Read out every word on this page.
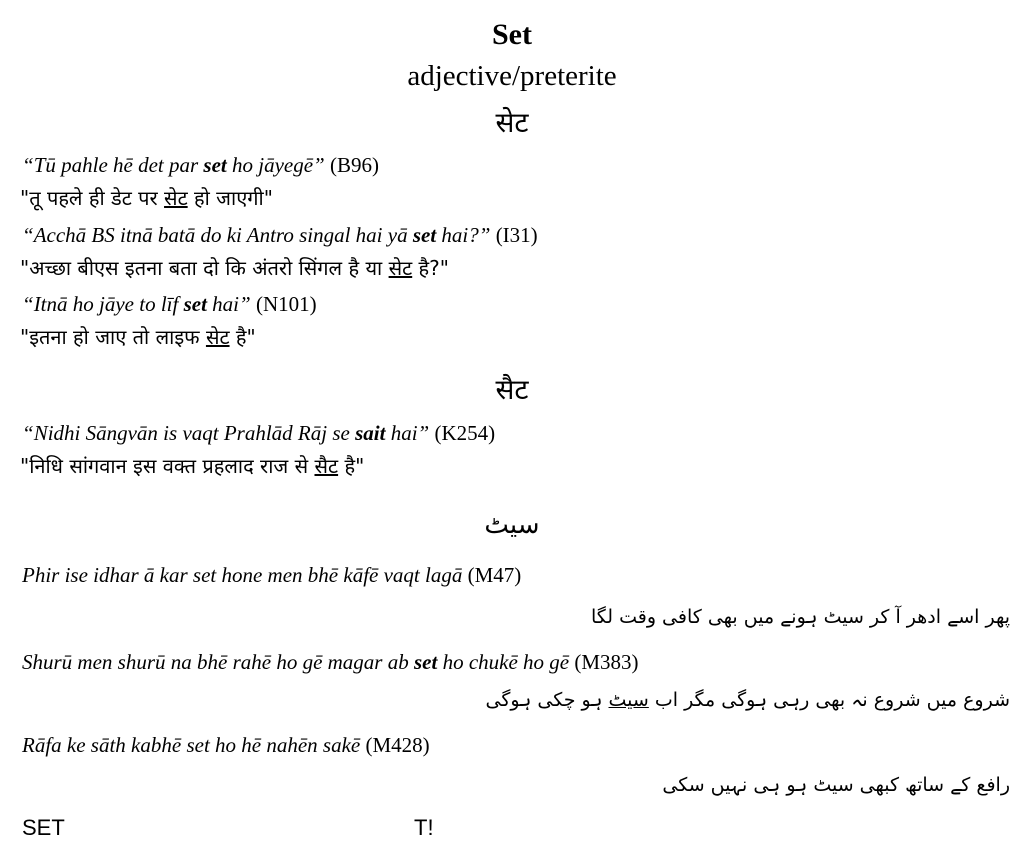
Set
adjective/preterite
सेट
“Tū pahle hē det par set ho jāyegē” (B96)
"तू पहले ही डेट पर सेट हो जाएगी"
“Acchā BS itnā batā do ki Antro singal hai yā set hai?” (I31)
"अच्छा बीएस इतना बता दो कि अंतरो सिंगल है या सेट है?"
“Itnā ho jāye to līf set hai” (N101)
"इतना हो जाए तो लाइफ सेट है"
सैट
“Nidhi Sāngvān is vaqt Prahlād Rāj se sait hai” (K254)
"निधि सांगवान इस वक्त प्रहलाद राज से सैट है"
سیٹ
Phir ise idhar ā kar set hone men bhē kāfē vaqt lagā (M47)
پھر اسے ادھر آ کر سیٹ ہونے میں بھی کافی وقت لگا
Shurū men shurū na bhē rahē ho gē magar ab set ho chukē ho gē (M383)
شروع میں شروع نہ بھی رہی ہوگی مگر اب سیٹ ہو چکی ہوگی
Rāfa ke sāth kabhē set ho hē nahēn sakē (M428)
رافع کے ساتھ کبھی سیٹ ہو ہی نہیں سکی
SET	T!
